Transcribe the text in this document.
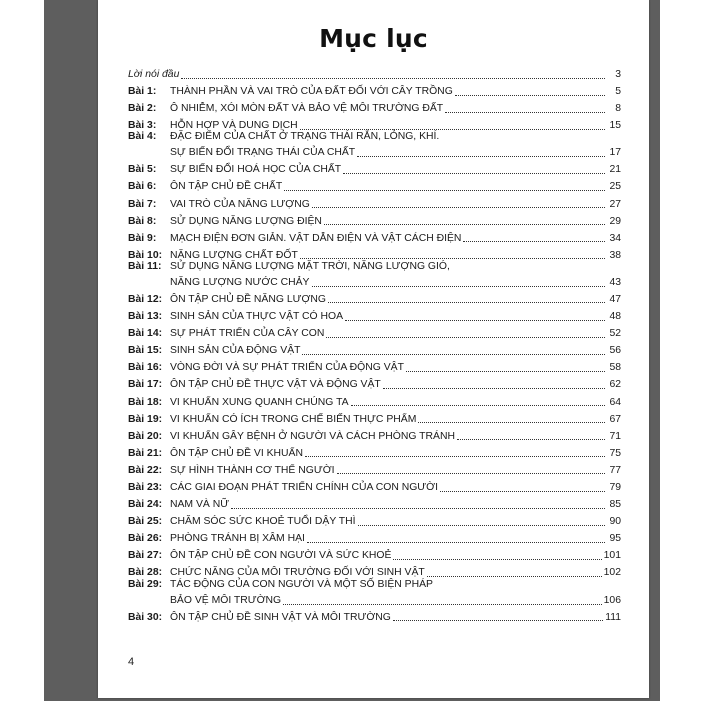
Mục lục
Lời nói đầu	3
Bài 1:	THÀNH PHẦN VÀ VAI TRÒ CỦA ĐẤT ĐỐI VỚI CÂY TRỒNG	5
Bài 2:	Ô NHIỄM, XÓI MÒN ĐẤT VÀ BẢO VỆ MÔI TRƯỜNG ĐẤT	8
Bài 3:	HỖN HỢP VÀ DUNG DỊCH	15
Bài 4: ĐẶC ĐIỂM CỦA CHẤT Ở TRẠNG THÁI RẮN, LỎNG, KHÍ.
SỰ BIẾN ĐỔI TRẠNG THÁI CỦA CHẤT	17
Bài 5:	SỰ BIẾN ĐỔI HOÁ HỌC CỦA CHẤT	21
Bài 6:	ÔN TẬP CHỦ ĐỀ CHẤT	25
Bài 7:	VAI TRÒ CỦA NĂNG LƯỢNG	27
Bài 8:	SỬ DỤNG NĂNG LƯỢNG ĐIỆN	29
Bài 9:	MẠCH ĐIỆN ĐƠN GIẢN. VẬT DẪN ĐIỆN VÀ VẬT CÁCH ĐIỆN	34
Bài 10: NĂNG LƯỢNG CHẤT ĐỐT	38
Bài 11: SỬ DỤNG NĂNG LƯỢNG MẶT TRỜI, NĂNG LƯỢNG GIÓ,
NĂNG LƯỢNG NƯỚC CHẢY	43
Bài 12: ÔN TẬP CHỦ ĐỀ NĂNG LƯỢNG	47
Bài 13: SINH SẢN CỦA THỰC VẬT CÓ HOA	48
Bài 14: SỰ PHÁT TRIỂN CỦA CÂY CON	52
Bài 15: SINH SẢN CỦA ĐỘNG VẬT	56
Bài 16: VÒNG ĐỜI VÀ SỰ PHÁT TRIỂN CỦA ĐỘNG VẬT	58
Bài 17: ÔN TẬP CHỦ ĐỀ THỰC VẬT VÀ ĐỘNG VẬT	62
Bài 18: VI KHUẨN XUNG QUANH CHÚNG TA	64
Bài 19: VI KHUẨN CÓ ÍCH TRONG CHẾ BIẾN THỰC PHẨM	67
Bài 20: VI KHUẨN GÂY BỆNH Ở NGƯỜI VÀ CÁCH PHÒNG TRÁNH	71
Bài 21: ÔN TẬP CHỦ ĐỀ VI KHUẨN	75
Bài 22: SỰ HÌNH THÀNH CƠ THỂ NGƯỜI	77
Bài 23: CÁC GIAI ĐOẠN PHÁT TRIỂN CHÍNH CỦA CON NGƯỜI	79
Bài 24: NAM VÀ NỮ	85
Bài 25: CHĂM SÓC SỨC KHOẺ TUỔI DẬY THÌ	90
Bài 26: PHÒNG TRÁNH BỊ XÂM HẠI	95
Bài 27: ÔN TẬP CHỦ ĐỀ CON NGƯỜI VÀ SỨC KHOẺ	101
Bài 28: CHỨC NĂNG CỦA MÔI TRƯỜNG ĐỐI VỚI SINH VẬT	102
Bài 29: TÁC ĐỘNG CỦA CON NGƯỜI VÀ MỘT SỐ BIỆN PHÁP
BẢO VỆ MÔI TRƯỜNG	106
Bài 30: ÔN TẬP CHỦ ĐỀ SINH VẬT VÀ MÔI TRƯỜNG	111
4
